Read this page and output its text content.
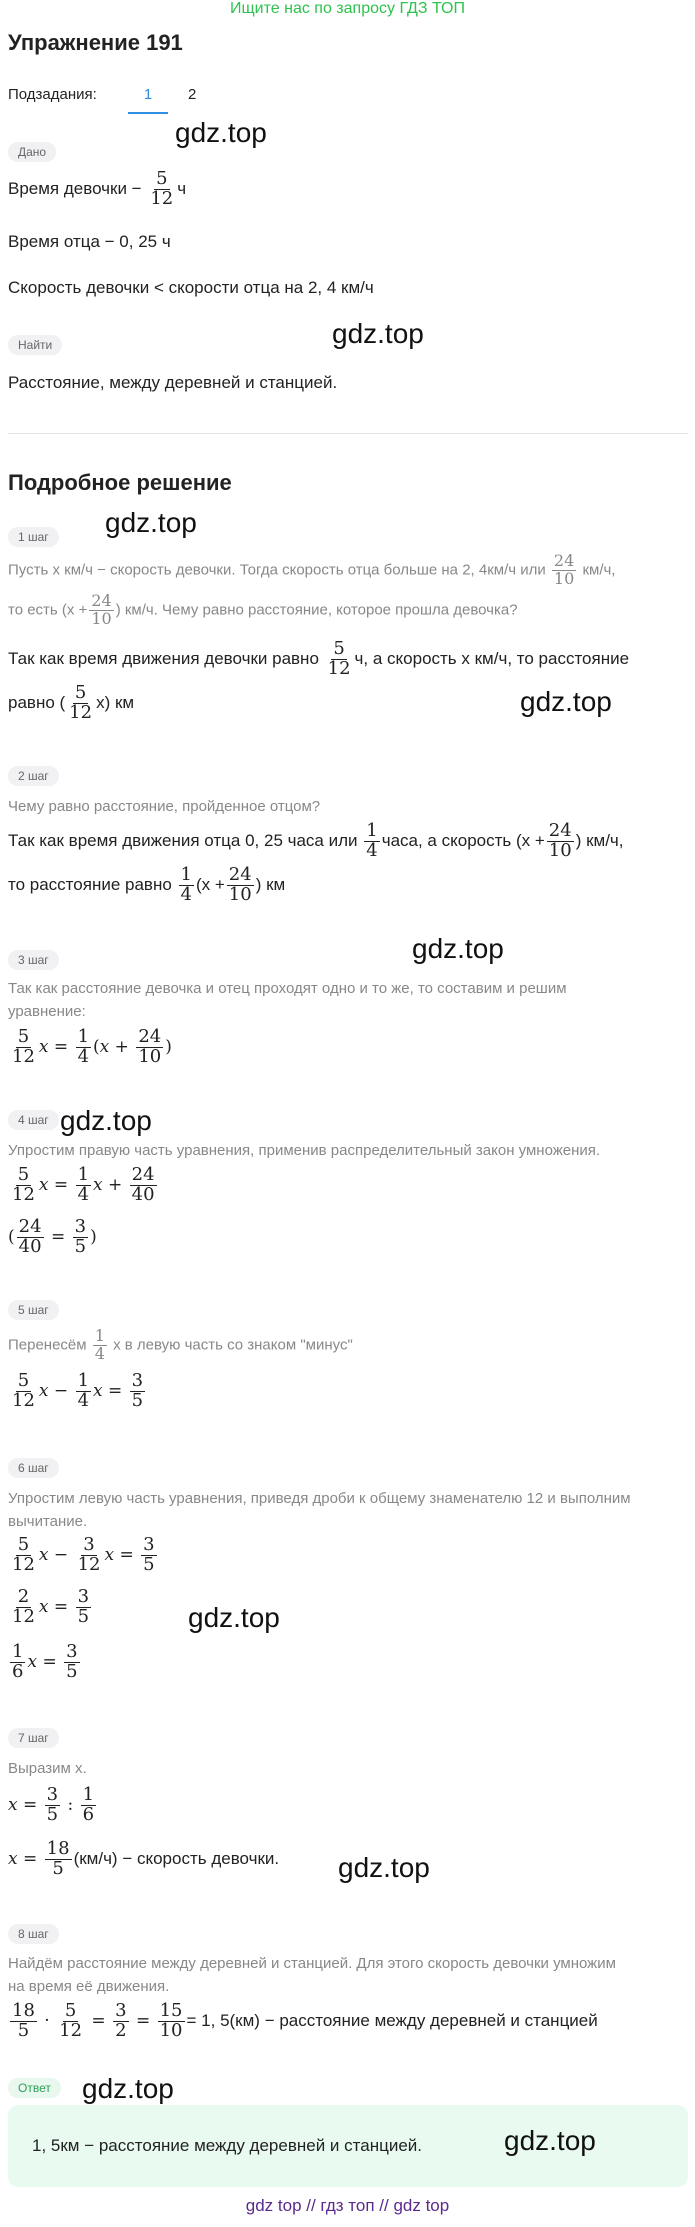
Ищите нас по запросу ГДЗ ТОП
Упражнение 191
Подзадания:	1	2
Дано
gdz.top
Время девочки − $\frac{5}{12}$ ч
Время отца − 0, 25 ч
Скорость девочки < скорости отца на 2, 4 км/ч
Найти	gdz.top
Расстояние, между деревней и станцией.
Подробное решение
1 шаг	gdz.top
Пусть x км/ч − скорость девочки. Тогда скорость отца больше на 2, 4км/ч или $\frac{24}{10} км/ч$,
то есть ($x + \frac{24}{10}$ ) км/ч. Чему равно расстояние, которое прошла девочка?
Так как время движения девочки равно $\frac{5}{12} ч$, а скорость x км/ч, то расстояние
равно ( $\frac{5}{12} x$) км	gdz.top
2 шаг
Чему равно расстояние, пройденное отцом?
Так как время движения отца 0, 25 часа или $\frac{1}{4}$ часа, а скорость ($x + \frac{24}{10}$ ) км/ч,
то расстояние равно $\frac{1}{4} (x + \frac{24}{10}$ ) км
gdz.top
3 шаг
Так как расстояние девочка и отец проходят одно и то же, то составим и решим
уравнение:
$\frac{5}{12}$ $x = \frac{1}{4} (x + \frac{24}{10}$ )
4 шаг gdz.top
Упростим правую часть уравнения, применив распределительный закон умножения.
$\frac{5}{12}$ $x = \frac{1}{4}$ $x + \frac{24}{40}$
( $\frac{24}{40} = \frac{3}{5}$ )
5 шаг
Перенесём $\frac{1}{4}$ x в левую часть со знаком "минус"
$\frac{5}{12}$ $x - \frac{1}{4}$ $x = \frac{3}{5}$
6 шаг
Упростим левую часть уравнения, приведя дроби к общему знаменателю 12 и выполним
вычитание.
$\frac{5}{12}$ $x - \frac{3}{12}$ $x = \frac{3}{5}$
$\frac{2}{12}$ $x = \frac{3}{5}$	gdz.top
$\frac{1}{6}$ $x = \frac{3}{5}$
7 шаг
Выразим x.
$x = \frac{3}{5}$ : $\frac{1}{6}$
$x = \frac{18}{5} (км/ч)$ − скорость девочки. gdz.top
8 шаг
Найдём расстояние между деревней и станцией. Для этого скорость девочки умножим
на время её движения.
$\frac{18}{5} \cdot \frac{5}{12} = \frac{3}{2} = \frac{15}{10} = 1$, 5(км) − расстояние между деревней и станцией
Ответ	gdz.top
1, 5км − расстояние между деревней и станцией.	gdz.top
gdz top // гдз топ // gdz top
